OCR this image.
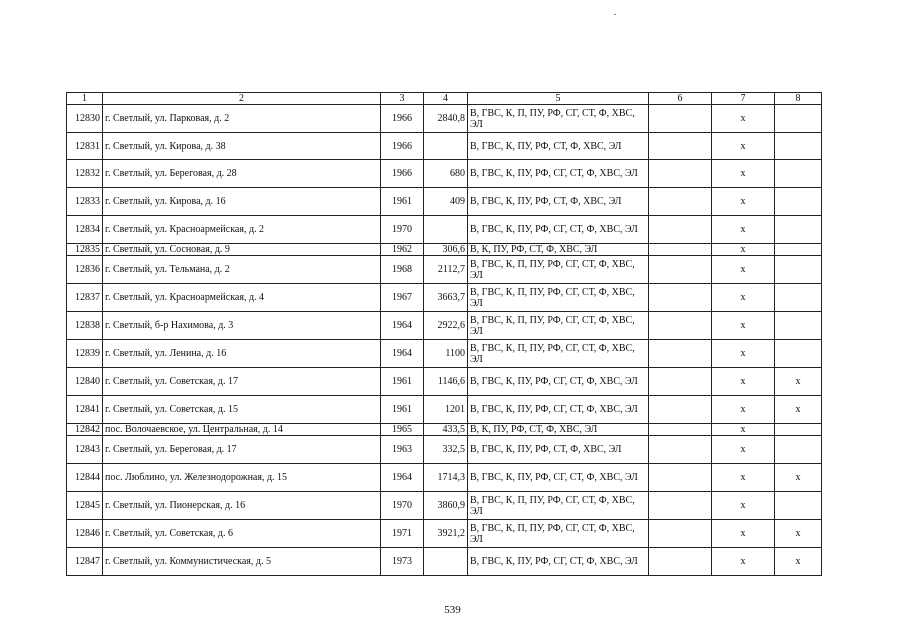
1	2	3	4	5	6	7	8
12830	г. Светлый, ул. Парковая, д. 2	1966	2840,8	В, ГВС, К, П, ПУ, РФ, СГ, СТ, Ф, ХВС, ЭЛ		х	
12831	г. Светлый, ул. Кирова, д. 38	1966		В, ГВС, К, ПУ, РФ, СТ, Ф, ХВС, ЭЛ		х	
12832	г. Светлый, ул. Береговая, д. 28	1966	680	В, ГВС, К, ПУ, РФ, СГ, СТ, Ф, ХВС, ЭЛ		х	
12833	г. Светлый, ул. Кирова, д. 16	1961	409	В, ГВС, К, ПУ, РФ, СТ, Ф, ХВС, ЭЛ		х	
12834	г. Светлый, ул. Красноармейская, д. 2	1970		В, ГВС, К, ПУ, РФ, СГ, СТ, Ф, ХВС, ЭЛ		х	
12835	г. Светлый, ул. Сосновая, д. 9	1962	306,6	В, К, ПУ, РФ, СТ, Ф, ХВС, ЭЛ		х	
12836	г. Светлый, ул. Тельмана, д. 2	1968	2112,7	В, ГВС, К, П, ПУ, РФ, СГ, СТ, Ф, ХВС, ЭЛ		х	
12837	г. Светлый, ул. Красноармейская, д. 4	1967	3663,7	В, ГВС, К, П, ПУ, РФ, СГ, СТ, Ф, ХВС, ЭЛ		х	
12838	г. Светлый, б-р Нахимова, д. 3	1964	2922,6	В, ГВС, К, П, ПУ, РФ, СГ, СТ, Ф, ХВС, ЭЛ		х	
12839	г. Светлый, ул. Ленина, д. 16	1964	1100	В, ГВС, К, П, ПУ, РФ, СГ, СТ, Ф, ХВС, ЭЛ		х	
12840	г. Светлый, ул. Советская, д. 17	1961	1146,6	В, ГВС, К, ПУ, РФ, СГ, СТ, Ф, ХВС, ЭЛ		х	х
12841	г. Светлый, ул. Советская, д. 15	1961	1201	В, ГВС, К, ПУ, РФ, СГ, СТ, Ф, ХВС, ЭЛ		х	х
12842	пос. Волочаевское, ул. Центральная, д. 14	1965	433,5	В, К, ПУ, РФ, СТ, Ф, ХВС, ЭЛ		х	
12843	г. Светлый, ул. Береговая, д. 17	1963	332,5	В, ГВС, К, ПУ, РФ, СТ, Ф, ХВС, ЭЛ		х	
12844	пос. Люблино, ул. Железнодорожная, д. 15	1964	1714,3	В, ГВС, К, ПУ, РФ, СГ, СТ, Ф, ХВС, ЭЛ		х	х
12845	г. Светлый, ул. Пионерская, д. 16	1970	3860,9	В, ГВС, К, П, ПУ, РФ, СГ, СТ, Ф, ХВС, ЭЛ		х	
12846	г. Светлый, ул. Советская, д. 6	1971	3921,2	В, ГВС, К, П, ПУ, РФ, СГ, СТ, Ф, ХВС, ЭЛ		х	х
12847	г. Светлый, ул. Коммунистическая, д. 5	1973		В, ГВС, К, ПУ, РФ, СГ, СТ, Ф, ХВС, ЭЛ		х	х
539
